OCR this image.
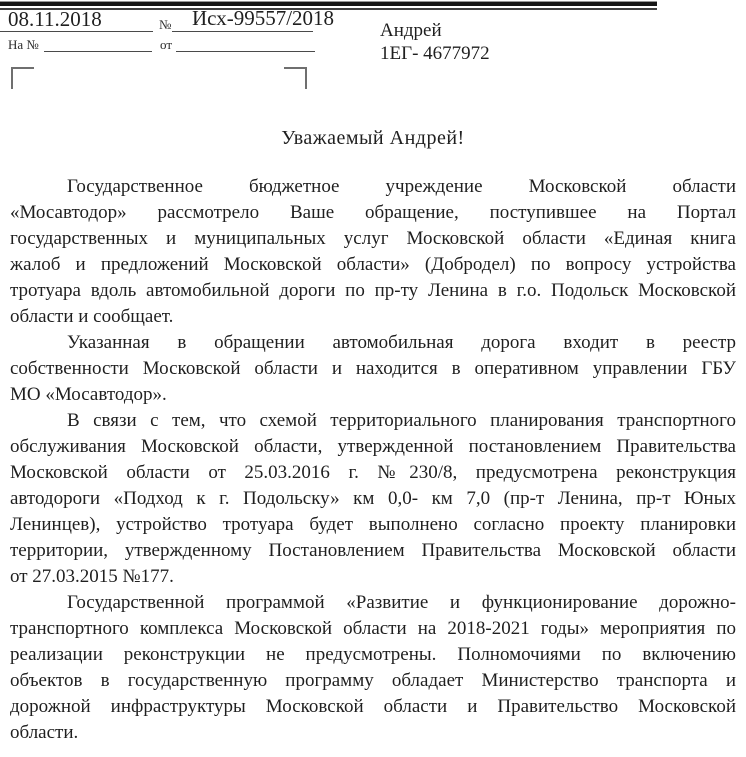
08.11.2018	№ Исх-99557/2018
На №	от
Андрей
1ЕГ- 4677972
Уважаемый Андрей!
Государственное бюджетное учреждение Московской области
«Мосавтодор» рассмотрело Ваше обращение, поступившее на Портал
государственных и муниципальных услуг Московской области «Единая книга
жалоб и предложений Московской области» (Добродел) по вопросу устройства
тротуара вдоль автомобильной дороги по пр-ту Ленина в г.о. Подольск Московской
области и сообщает.
Указанная в обращении автомобильная дорога входит в реестр
собственности Московской области и находится в оперативном управлении ГБУ
МО «Мосавтодор».
В связи с тем, что схемой территориального планирования транспортного
обслуживания Московской области, утвержденной постановлением Правительства
Московской области от 25.03.2016 г. №230/8, предусмотрена реконструкция
автодороги «Подход к г. Подольску» км 0,0- км 7,0 (пр-т Ленина, пр-т Юных
Ленинцев), устройство тротуара будет выполнено согласно проекту планировки
территории, утвержденному Постановлением Правительства Московской области
от 27.03.2015 №177.
Государственной программой «Развитие и функционирование дорожно-
транспортного комплекса Московской области на 2018-2021 годы» мероприятия по
реализации реконструкции не предусмотрены. Полномочиями по включению
объектов в государственную программу обладает Министерство транспорта и
дорожной инфраструктуры Московской области и Правительство Московской
области.
